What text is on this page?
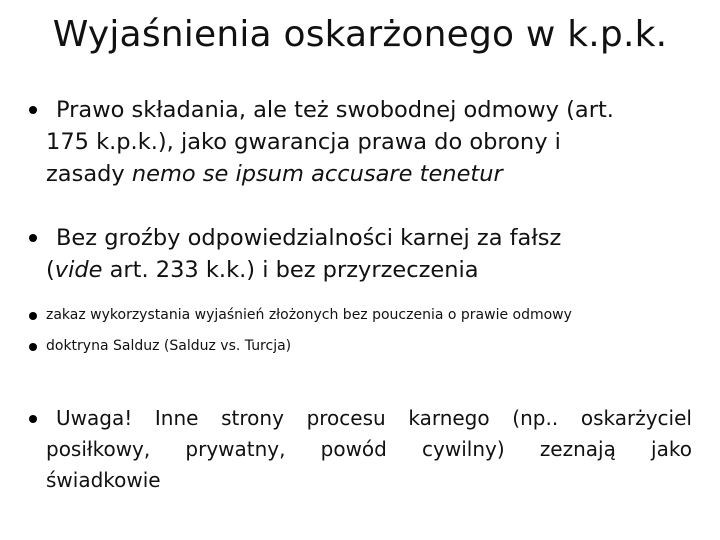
Wyjaśnienia oskarżonego w k.p.k.
Prawo składania, ale też swobodnej odmowy (art.
175 k.p.k.), jako gwarancja prawa do obrony i
zasady nemo se ipsum accusare tenetur
Bez groźby odpowiedzialności karnej za fałsz
(vide art. 233 k.k.) i bez przyrzeczenia
zakaz wykorzystania wyjaśnień złożonych bez pouczenia o prawie odmowy
doktryna Salduz (Salduz vs. Turcja)
Uwaga! Inne strony procesu karnego (np.. oskarżyciel
posiłkowy, prywatny, powód cywilny) zeznają jako
świadkowie
